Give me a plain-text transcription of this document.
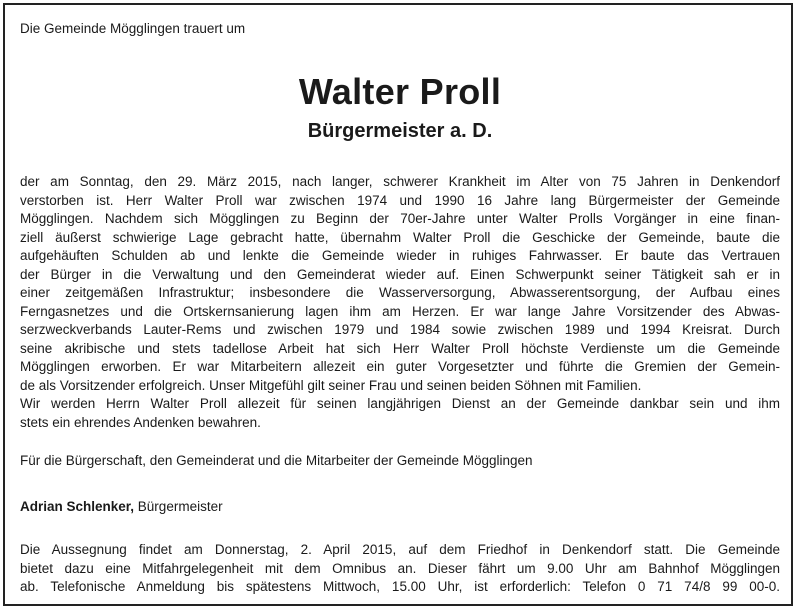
Die Gemeinde Mögglingen trauert um
Walter Proll
Bürgermeister a. D.
der am Sonntag, den 29. März 2015, nach langer, schwerer Krankheit im Alter von 75 Jahren in Denkendorf
verstorben ist. Herr Walter Proll war zwischen 1974 und 1990 16 Jahre lang Bürgermeister der Gemeinde
Mögglingen. Nachdem sich Mögglingen zu Beginn der 70er-Jahre unter Walter Prolls Vorgänger in eine finan-
ziell äußerst schwierige Lage gebracht hatte, übernahm Walter Proll die Geschicke der Gemeinde, baute die
aufgehäuften Schulden ab und lenkte die Gemeinde wieder in ruhiges Fahrwasser. Er baute das Vertrauen
der Bürger in die Verwaltung und den Gemeinderat wieder auf. Einen Schwerpunkt seiner Tätigkeit sah er in
einer zeitgemäßen Infrastruktur; insbesondere die Wasserversorgung, Abwasserentsorgung, der Aufbau eines
Ferngasnetzes und die Ortskernsanierung lagen ihm am Herzen. Er war lange Jahre Vorsitzender des Abwas-
serzweckverbands Lauter-Rems und zwischen 1979 und 1984 sowie zwischen 1989 und 1994 Kreisrat. Durch
seine akribische und stets tadellose Arbeit hat sich Herr Walter Proll höchste Verdienste um die Gemeinde
Mögglingen erworben. Er war Mitarbeitern allezeit ein guter Vorgesetzter und führte die Gremien der Gemein-
de als Vorsitzender erfolgreich. Unser Mitgefühl gilt seiner Frau und seinen beiden Söhnen mit Familien.
Wir werden Herrn Walter Proll allezeit für seinen langjährigen Dienst an der Gemeinde dankbar sein und ihm
stets ein ehrendes Andenken bewahren.
Für die Bürgerschaft, den Gemeinderat und die Mitarbeiter der Gemeinde Mögglingen
Adrian Schlenker, Bürgermeister
Die Aussegnung findet am Donnerstag, 2. April 2015, auf dem Friedhof in Denkendorf statt. Die Gemeinde
bietet dazu eine Mitfahrgelegenheit mit dem Omnibus an. Dieser fährt um 9.00 Uhr am Bahnhof Mögglingen
ab. Telefonische Anmeldung bis spätestens Mittwoch, 15.00 Uhr, ist erforderlich: Telefon 0 71 74/8 99 00-0.
